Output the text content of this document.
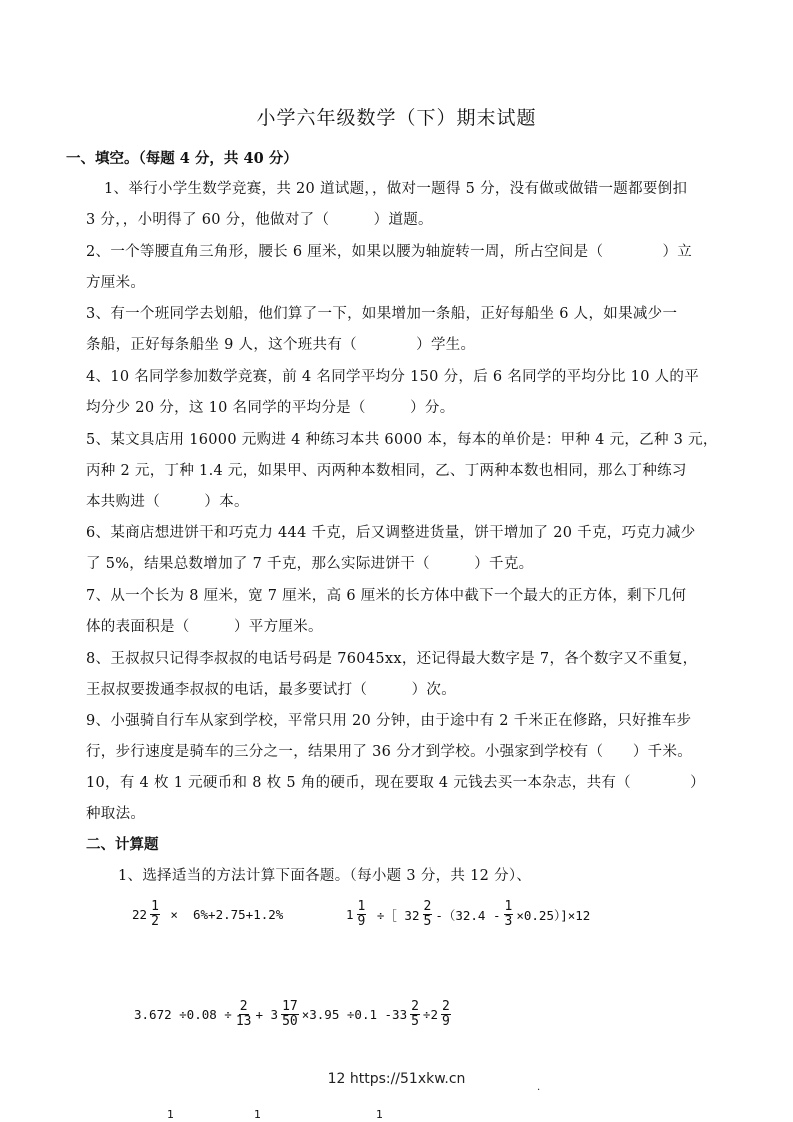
小学六年级数学（下）期末试题
一、填空。（每题 4 分，共 40 分）
1、举行小学生数学竞赛，共 20 道试题，，做对一题得 5 分，没有做或做错一题都要倒扣
3 分，，小明得了 60 分，他做对了（　　　）道题。
2、一个等腰直角三角形，腰长 6 厘米，如果以腰为轴旋转一周，所占空间是（　　　　）立
方厘米。
3、有一个班同学去划船，他们算了一下，如果增加一条船，正好每船坐 6 人，如果减少一
条船，正好每条船坐 9 人，这个班共有（　　　　）学生。
4、10 名同学参加数学竞赛，前 4 名同学平均分 150 分，后 6 名同学的平均分比 10 人的平
均分少 20 分，这 10 名同学的平均分是（　　　）分。
5、某文具店用 16000 元购进 4 种练习本共 6000 本，每本的单价是：甲种 4 元，乙种 3 元，
丙种 2 元，丁种 1.4 元，如果甲、丙两种本数相同，乙、丁两种本数也相同，那么丁种练习
本共购进（　　　）本。
6、某商店想进饼干和巧克力 444 千克，后又调整进货量，饼干增加了 20 千克，巧克力减少
了 5%，结果总数增加了 7 千克，那么实际进饼干（　　　）千克。
7、从一个长为 8 厘米，宽 7 厘米，高 6 厘米的长方体中截下一个最大的正方体，剩下几何
体的表面积是（　　　）平方厘米。
8、王叔叔只记得李叔叔的电话号码是 76045xx，还记得最大数字是 7，各个数字又不重复，
王叔叔要拨通李叔叔的电话，最多要试打（　　　）次。
9、小强骑自行车从家到学校，平常只用 20 分钟，由于途中有 2 千米正在修路，只好推车步
行，步行速度是骑车的三分之一，结果用了 36 分才到学校。小强家到学校有（　　）千米。
10，有 4 枚 1 元硬币和 8 枚 5 角的硬币，现在要取 4 元钱去买一本杂志，共有（　　　　）
种取法。
二、计算题
1、选择适当的方法计算下面各题。（每小题 3 分，共 12 分）、
$22 \frac{1}{2} \times 6\%+2.75+1.2\%$	$1 \frac{1}{9}$ ÷［ $32 \frac{2}{5} -(32.4 - \frac{1}{3} \times 0.25)]\times 12$
$3.672 \div 0.08 \div \frac{2}{13} + 3 \frac{17}{50} \times 3.95 \div 0.1$ $-33 \frac{2}{5} \div 2 \frac{2}{9}$
12 https://51xkw.cn
.
1	1	1
